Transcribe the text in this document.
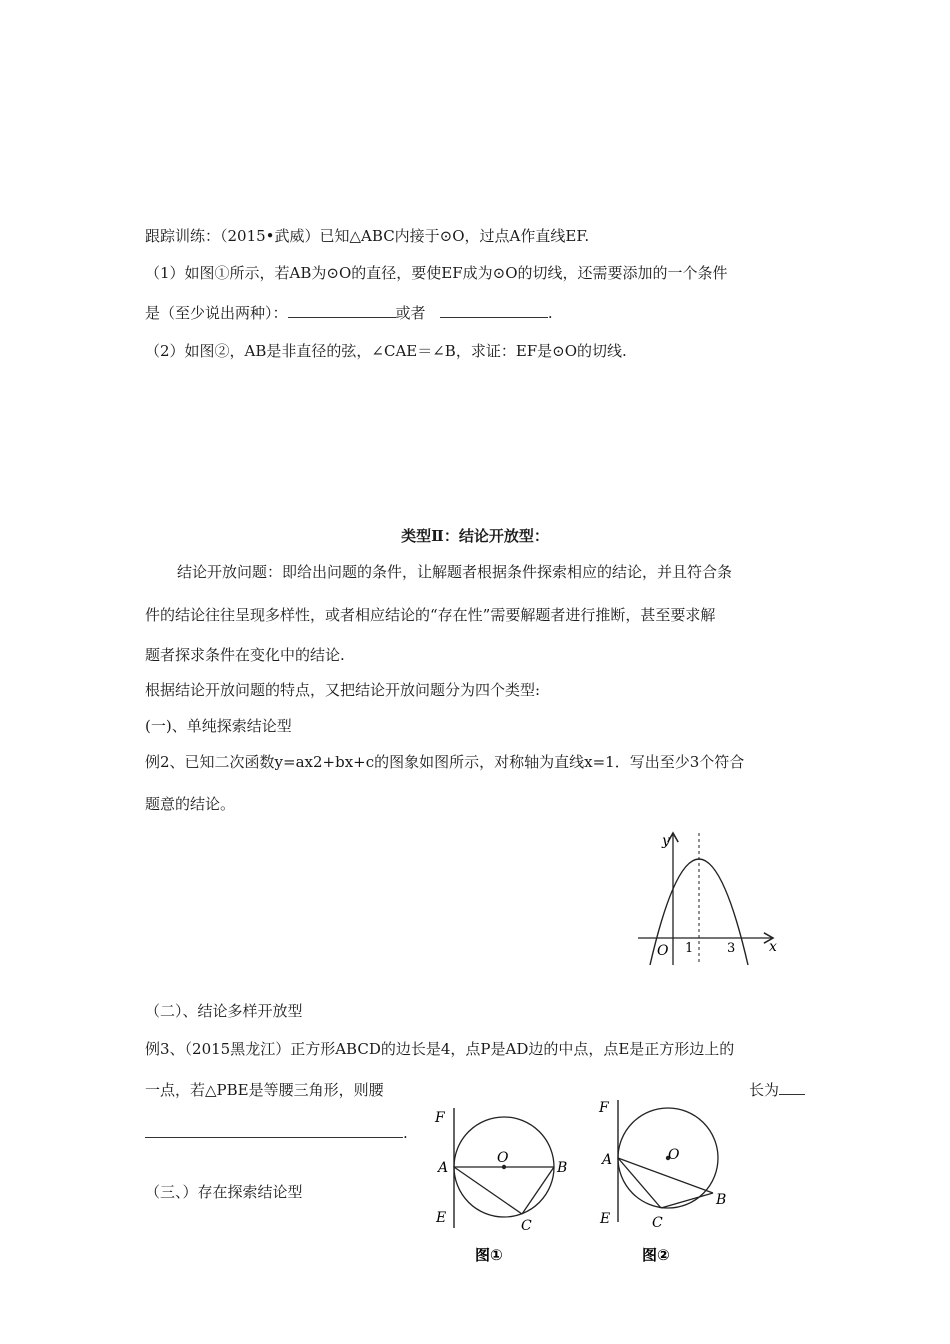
跟踪训练：（2015•武威）已知△ABC内接于⊙O，过点A作直线EF.
（1）如图①所示，若AB为⊙O的直径，要使EF成为⊙O的切线，还需要添加的一个条件
是（至少说出两种）：	或者	.
（2）如图②，AB是非直径的弦，∠CAE＝∠B，求证：EF是⊙O的切线.
类型Ⅱ：结论开放型：
结论开放问题：即给出问题的条件，让解题者根据条件探索相应的结论，并且符合条
件的结论往往呈现多样性，或者相应结论的“存在性”需要解题者进行推断，甚至要求解
题者探求条件在变化中的结论.
根据结论开放问题的特点，又把结论开放问题分为四个类型:
(一)、单纯探索结论型
例2、已知二次函数y=ax2+bx+c的图象如图所示，对称轴为直线x=1．写出至少3个符合
题意的结论。
y
x
O 1	3
（二）、结论多样开放型
例3、（2015黑龙江）正方形ABCD的边长是4，点P是AD边的中点，点E是正方形边上的
一点，若△PBE是等腰三角形，则腰	长为
.
（三、）存在探索结论型
F
A
E
O
B
C
图①
F
A
E
O
B
C
图②
